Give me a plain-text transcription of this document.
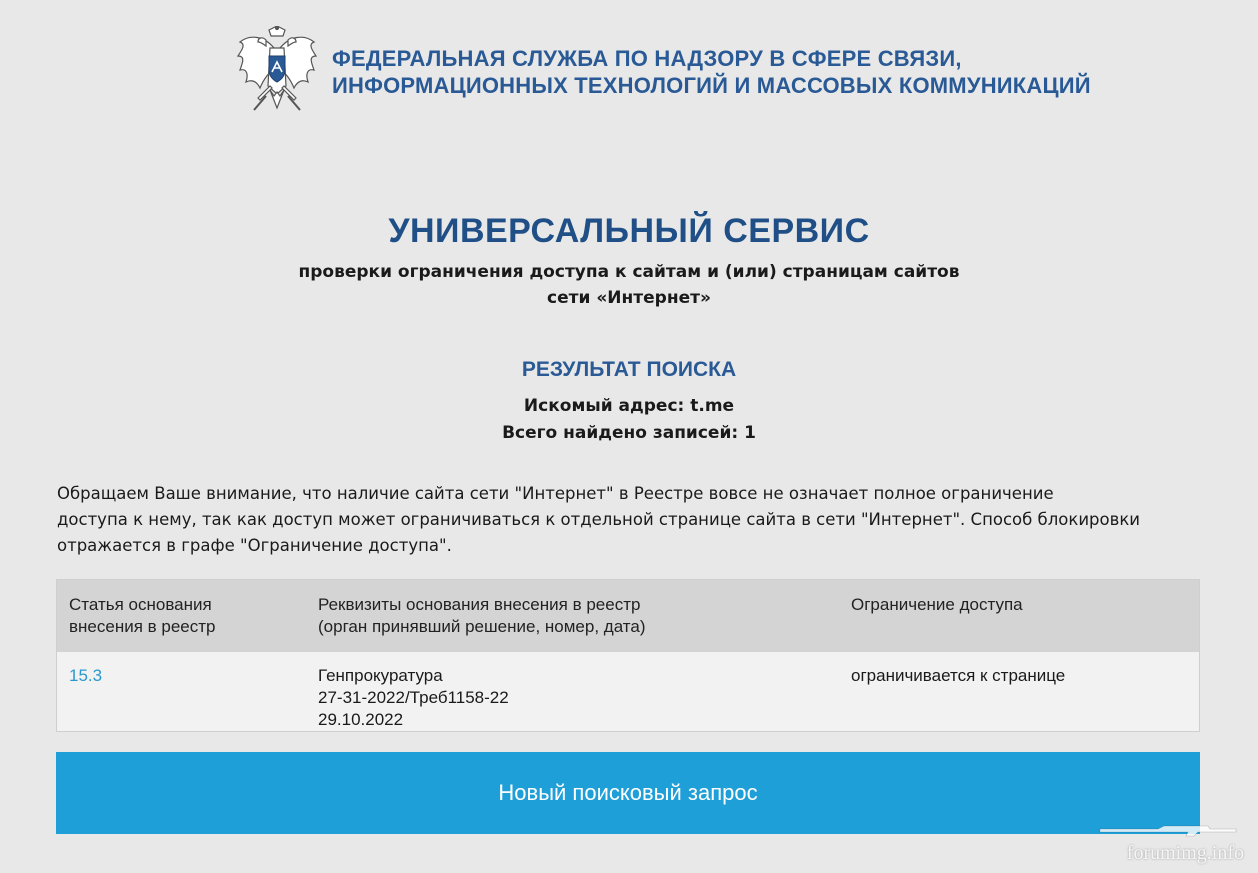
ФЕДЕРАЛЬНАЯ СЛУЖБА ПО НАДЗОРУ В СФЕРЕ СВЯЗИ,
ИНФОРМАЦИОННЫХ ТЕХНОЛОГИЙ И МАССОВЫХ КОММУНИКАЦИЙ
УНИВЕРСАЛЬНЫЙ СЕРВИС
проверки ограничения доступа к сайтам и (или) страницам сайтов
сети «Интернет»
РЕЗУЛЬТАТ ПОИСКА
Искомый адрес: t.me
Всего найдено записей: 1
Обращаем Ваше внимание, что наличие сайта сети "Интернет" в Реестре вовсе не означает полное ограничение
доступа к нему, так как доступ может ограничиваться к отдельной странице сайта в сети "Интернет". Способ блокировки
отражается в графе "Ограничение доступа".
Статья основания
внесения в реестр
Реквизиты основания внесения в реестр
(орган принявший решение, номер, дата)
Ограничение доступа
15.3	Генпрокуратура
27-31-2022/Треб1158-22
29.10.2022
ограничивается к странице
Новый поисковый запрос
forumimg.info
